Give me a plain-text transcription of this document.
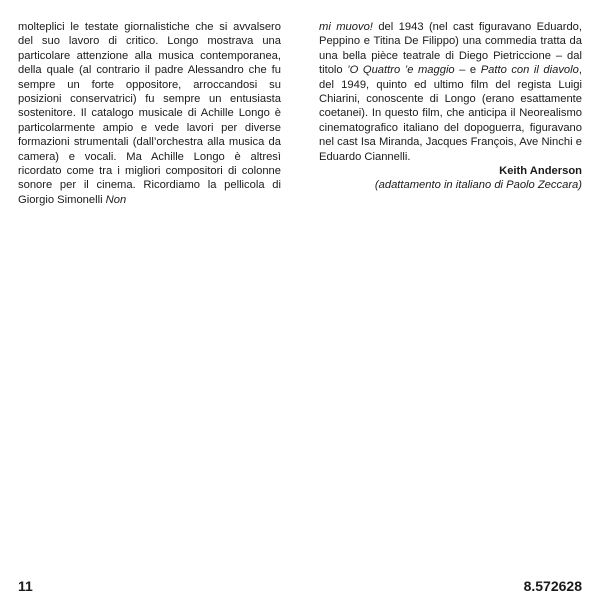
molteplici le testate giornalistiche che si avvalsero del suo lavoro di critico. Longo mostrava una particolare attenzione alla musica contemporanea, della quale (al contrario il padre Alessandro che fu sempre un forte oppositore, arroccandosi su posizioni conservatrici) fu sempre un entusiasta sostenitore. Il catalogo musicale di Achille Longo è particolarmente ampio e vede lavori per diverse formazioni strumentali (dall’orchestra alla musica da camera) e vocali. Ma Achille Longo è altresì ricordato come tra i migliori compositori di colonne sonore per il cinema. Ricordiamo la pellicola di Giorgio Simonelli Non

mi muovo! del 1943 (nel cast figuravano Eduardo, Peppino e Titina De Filippo) una commedia tratta da una bella pièce teatrale di Diego Pietriccione – dal titolo ’O Quattro ’e maggio – e Patto con il diavolo, del 1949, quinto ed ultimo film del regista Luigi Chiarini, conoscente di Longo (erano esattamente coetanei). In questo film, che anticipa il Neorealismo cinematografico italiano del dopoguerra, figuravano nel cast Isa Miranda, Jacques François, Ave Ninchi e Eduardo Ciannelli.

Keith Anderson
(adattamento in italiano di Paolo Zeccara)
11	8.572628
